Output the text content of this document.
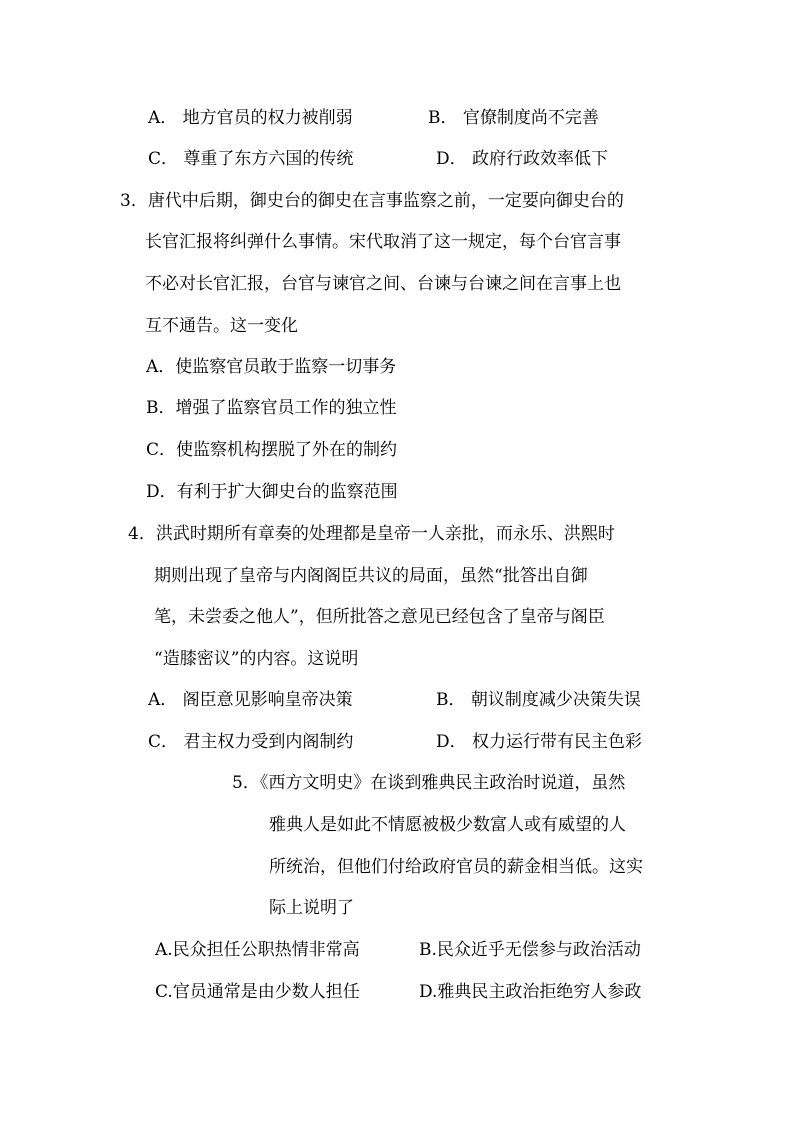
A． 地方官员的权力被削弱	B． 官僚制度尚不完善
C． 尊重了东方六国的传统	D． 政府行政效率低下
3．唐代中后期，御史台的御史在言事监察之前，一定要向御史台的
长官汇报将纠弹什么事情。宋代取消了这一规定，每个台官言事
不必对长官汇报，台官与谏官之间、台谏与台谏之间在言事上也
互不通告。这一变化
A．使监察官员敢于监察一切事务
B．增强了监察官员工作的独立性
C．使监察机构摆脱了外在的制约
D．有利于扩大御史台的监察范围
4．洪武时期所有章奏的处理都是皇帝一人亲批，而永乐、洪熙时
期则出现了皇帝与内阁阁臣共议的局面，虽然“批答出自御
笔，未尝委之他人”，但所批答之意见已经包含了皇帝与阁臣
“造膝密议”的内容。这说明
A． 阁臣意见影响皇帝决策	B． 朝议制度减少决策失误
C． 君主权力受到内阁制约	D． 权力运行带有民主色彩
5．《西方文明史》在谈到雅典民主政治时说道，虽然
雅典人是如此不情愿被极少数富人或有威望的人
所统治，但他们付给政府官员的薪金相当低。这实
际上说明了
A.民众担任公职热情非常高	B.民众近乎无偿参与政治活动
C.官员通常是由少数人担任	D.雅典民主政治拒绝穷人参政
